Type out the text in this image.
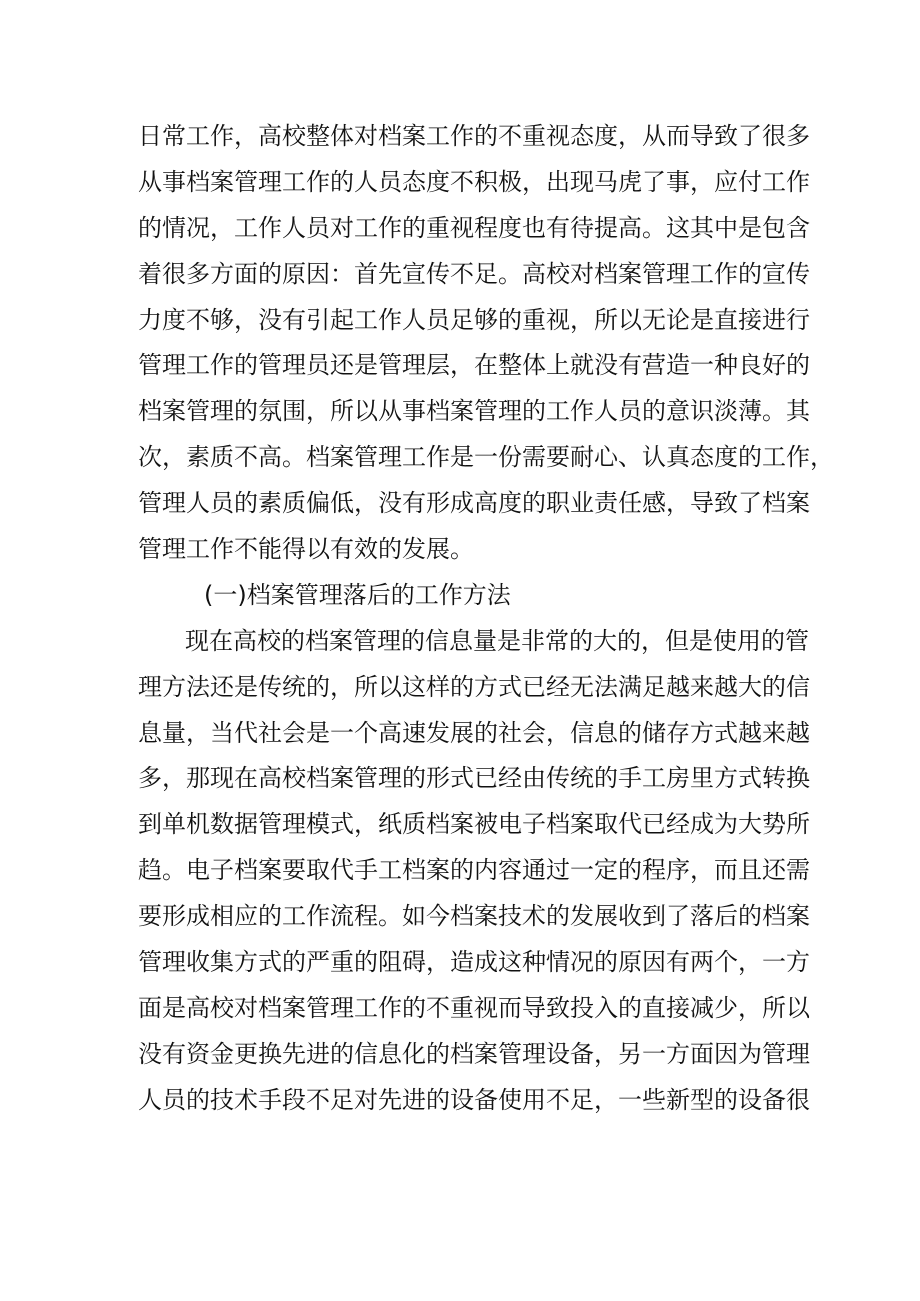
日常工作，高校整体对档案工作的不重视态度，从而导致了很多
从事档案管理工作的人员态度不积极，出现马虎了事，应付工作
的情况，工作人员对工作的重视程度也有待提高。这其中是包含
着很多方面的原因：首先宣传不足。高校对档案管理工作的宣传
力度不够，没有引起工作人员足够的重视，所以无论是直接进行
管理工作的管理员还是管理层，在整体上就没有营造一种良好的
档案管理的氛围，所以从事档案管理的工作人员的意识淡薄。其
次，素质不高。档案管理工作是一份需要耐心、认真态度的工作，
管理人员的素质偏低，没有形成高度的职业责任感，导致了档案
管理工作不能得以有效的发展。
(一)档案管理落后的工作方法
现在高校的档案管理的信息量是非常的大的，但是使用的管
理方法还是传统的，所以这样的方式已经无法满足越来越大的信
息量，当代社会是一个高速发展的社会，信息的储存方式越来越
多，那现在高校档案管理的形式已经由传统的手工房里方式转换
到单机数据管理模式，纸质档案被电子档案取代已经成为大势所
趋。电子档案要取代手工档案的内容通过一定的程序，而且还需
要形成相应的工作流程。如今档案技术的发展收到了落后的档案
管理收集方式的严重的阻碍，造成这种情况的原因有两个，一方
面是高校对档案管理工作的不重视而导致投入的直接减少，所以
没有资金更换先进的信息化的档案管理设备，另一方面因为管理
人员的技术手段不足对先进的设备使用不足，一些新型的设备很
